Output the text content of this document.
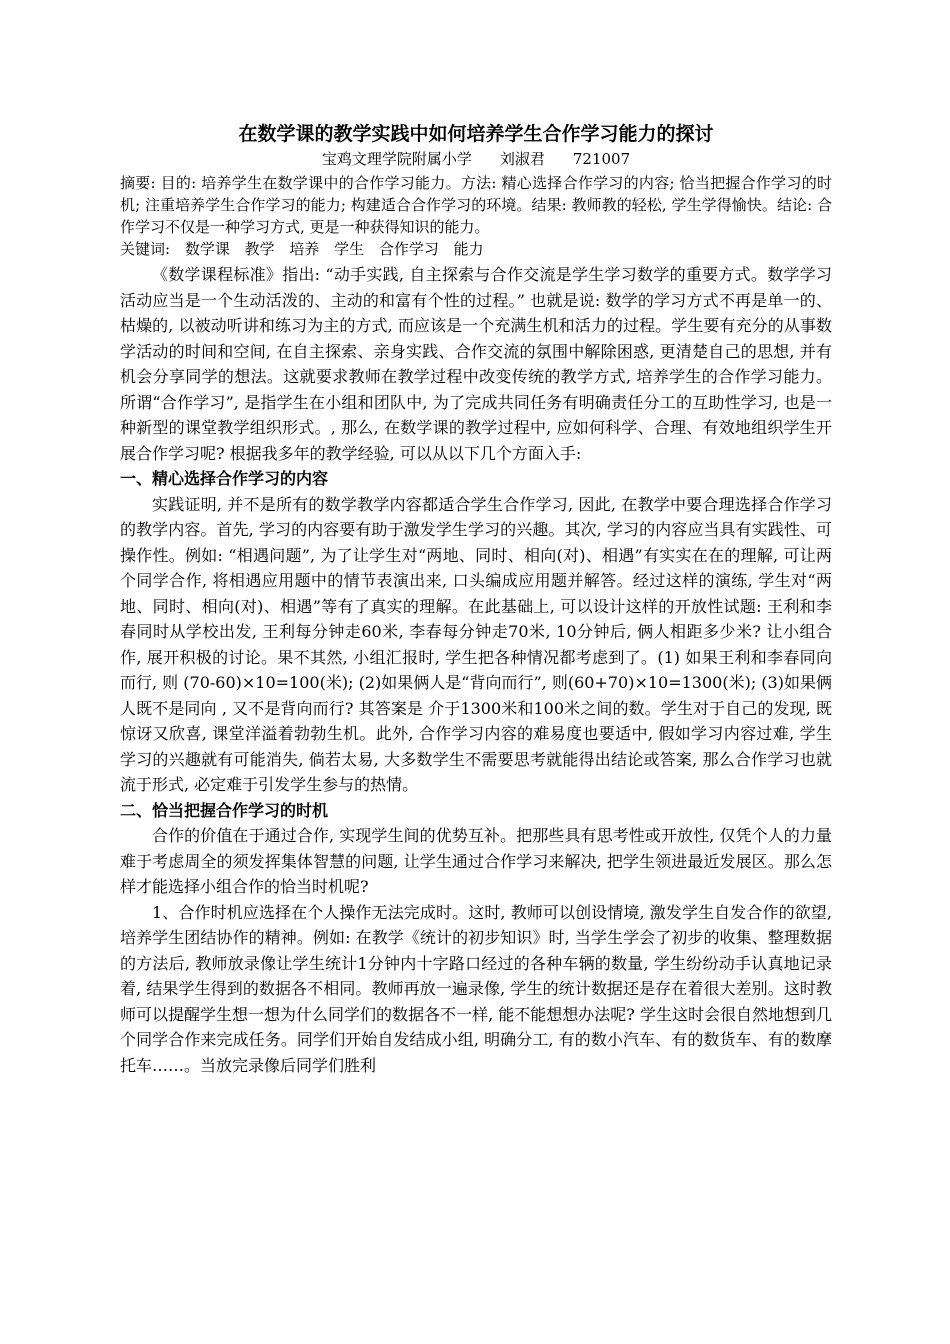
在数学课的教学实践中如何培养学生合作学习能力的探讨
宝鸡文理学院附属小学 刘淑君 721007

摘要: 目的: 培养学生在数学课中的合作学习能力。方法: 精心选择合作学习的内容; 恰当把握合作学习的时机; 注重培养学生合作学习的能力; 构建适合合作学习的环境。结果: 教师教的轻松, 学生学得愉快。结论: 合作学习不仅是一种学习方式, 更是一种获得知识的能力。

关键词: 数学课 教学 培养 学生 合作学习 能力

《数学课程标准》指出: “动手实践, 自主探索与合作交流是学生学习数学的重要方式。数学学习活动应当是一个生动活泼的、主动的和富有个性的过程。” 也就是说: 数学的学习方式不再是单一的、枯燥的, 以被动听讲和练习为主的方式, 而应该是一个充满生机和活力的过程。学生要有充分的从事数学活动的时间和空间, 在自主探索、亲身实践、合作交流的氛围中解除困惑, 更清楚自己的思想, 并有机会分享同学的想法。这就要求教师在教学过程中改变传统的教学方式, 培养学生的合作学习能力。所谓“合作学习”, 是指学生在小组和团队中, 为了完成共同任务有明确责任分工的互助性学习, 也是一种新型的课堂教学组织形式。, 那么, 在数学课的教学过程中, 应如何科学、合理、有效地组织学生开展合作学习呢? 根据我多年的教学经验, 可以从以下几个方面入手:

一、精心选择合作学习的内容

实践证明, 并不是所有的数学教学内容都适合学生合作学习, 因此, 在教学中要合理选择合作学习的教学内容。首先, 学习的内容要有助于激发学生学习的兴趣。其次, 学习的内容应当具有实践性、可操作性。例如: “相遇问题”, 为了让学生对“两地、同时、相向(对)、相遇”有实实在在的理解, 可让两个同学合作, 将相遇应用题中的情节表演出来, 口头编成应用题并解答。经过这样的演练, 学生对“两地、同时、相向(对)、相遇”等有了真实的理解。在此基础上, 可以设计这样的开放性试题: 王利和李春同时从学校出发, 王利每分钟走60米, 李春每分钟走70米, 10分钟后, 俩人相距多少米? 让小组合作, 展开积极的讨论。果不其然, 小组汇报时, 学生把各种情况都考虑到了。(1) 如果王利和李春同向而行, 则 (70-60)×10=100(米); (2)如果俩人是“背向而行”, 则(60+70)×10=1300(米); (3)如果俩人既不是同向 , 又不是背向而行? 其答案是 介于1300米和100米之间的数。学生对于自己的发现, 既惊讶又欣喜, 课堂洋溢着勃勃生机。此外, 合作学习内容的难易度也要适中, 假如学习内容过难, 学生学习的兴趣就有可能消失, 倘若太易, 大多数学生不需要思考就能得出结论或答案, 那么合作学习也就流于形式, 必定难于引发学生参与的热情。

二、恰当把握合作学习的时机

合作的价值在于通过合作, 实现学生间的优势互补。把那些具有思考性或开放性, 仅凭个人的力量难于考虑周全的须发挥集体智慧的问题, 让学生通过合作学习来解决, 把学生领进最近发展区。那么怎样才能选择小组合作的恰当时机呢?

1、合作时机应选择在个人操作无法完成时。这时, 教师可以创设情境, 激发学生自发合作的欲望, 培养学生团结协作的精神。例如: 在教学《统计的初步知识》时, 当学生学会了初步的收集、整理数据的方法后, 教师放录像让学生统计1分钟内十字路口经过的各种车辆的数量, 学生纷纷动手认真地记录着, 结果学生得到的数据各不相同。教师再放一遍录像, 学生的统计数据还是存在着很大差别。这时教师可以提醒学生想一想为什么同学们的数据各不一样, 能不能想想办法呢? 学生这时会很自然地想到几个同学合作来完成任务。同学们开始自发结成小组, 明确分工, 有的数小汽车、有的数货车、有的数摩托车……。当放完录像后同学们胜利
